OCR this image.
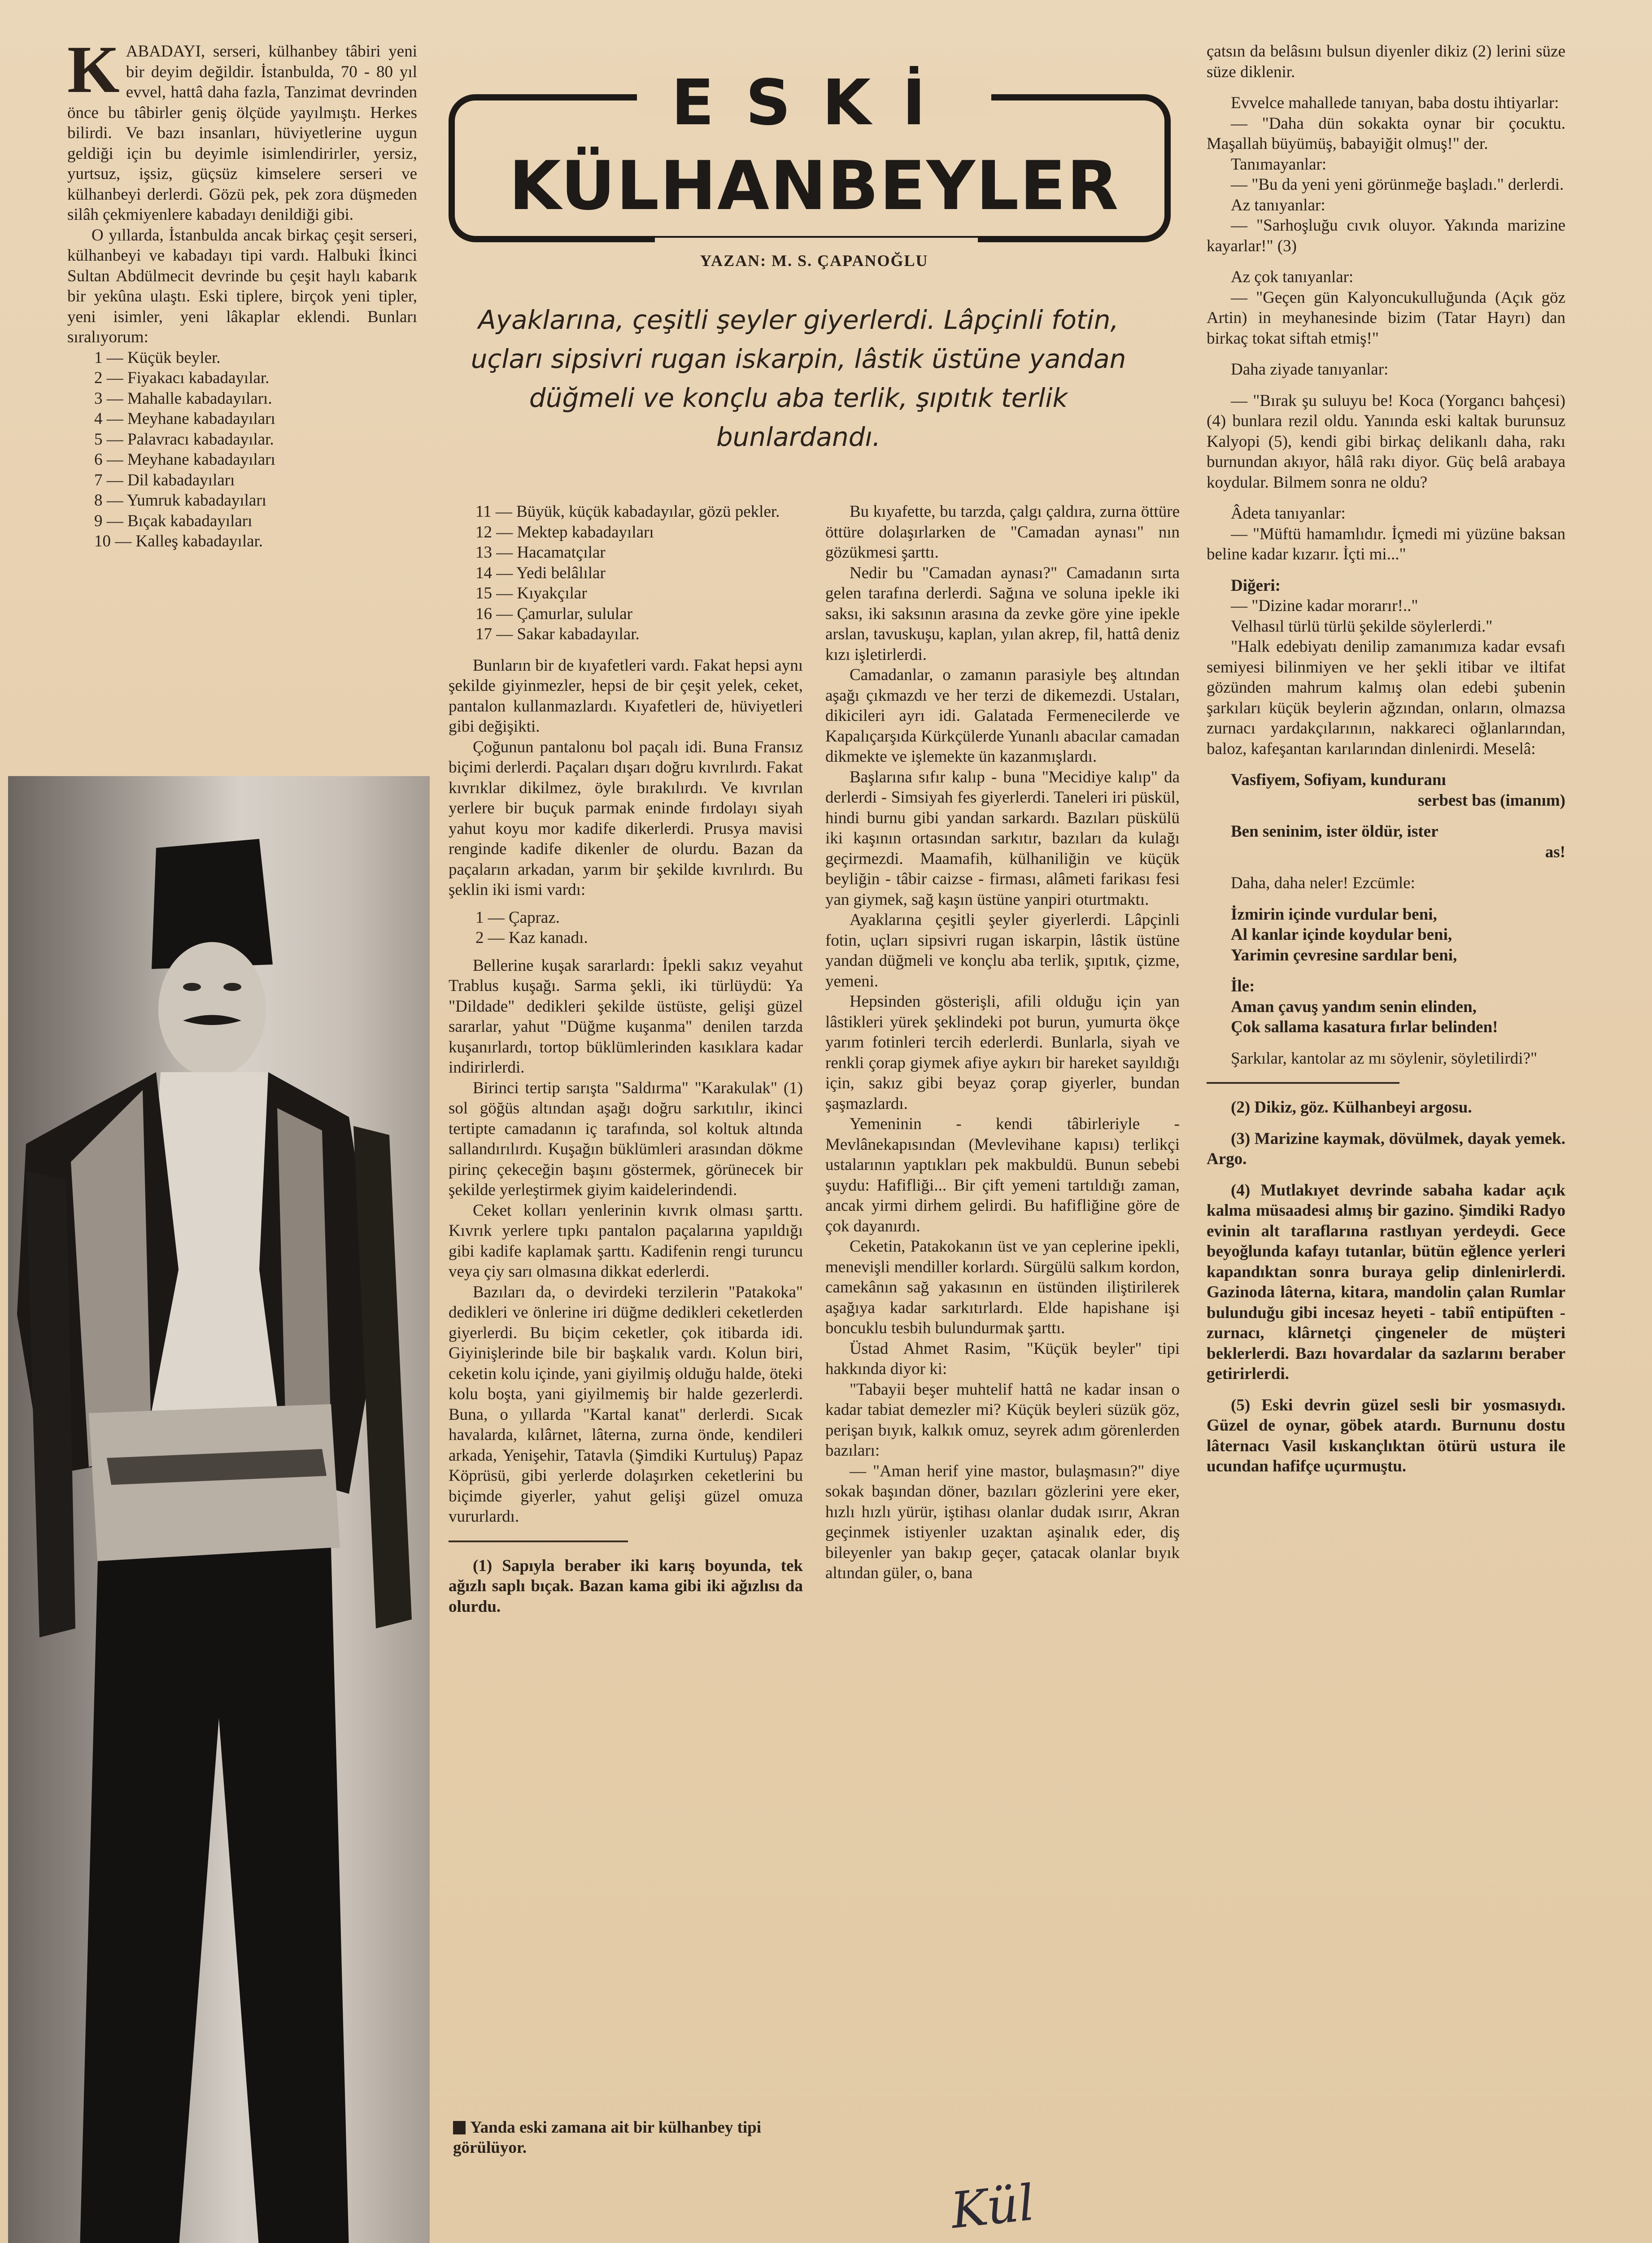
KABADAYI, serseri, külhanbey tâbiri yeni bir deyim değildir. İstanbulda, 70 - 80 yıl evvel, hattâ daha fazla, Tanzimat devrinden önce bu tâbirler geniş ölçüde yayılmıştı. Herkes bilirdi. Ve bazı insanları, hüviyetlerine uygun geldiği için bu deyimle isimlendirirler, yersiz, yurtsuz, işsiz, güçsüz kimselere serseri ve külhanbeyi derlerdi. Gözü pek, pek zora düşmeden silâh çekmiyenlere kabadayı denildiği gibi.

O yıllarda, İstanbulda ancak birkaç çeşit serseri, külhanbeyi ve kabadayı tipi vardı. Halbuki İkinci Sultan Abdülmecit devrinde bu çeşit haylı kabarık bir yekûna ulaştı. Eski tiplere, birçok yeni tipler, yeni isimler, yeni lâkaplar eklendi. Bunları sıralıyorum:

1 — Küçük beyler.

2 — Fiyakacı kabadayılar.

3 — Mahalle kabadayıları.

4 — Meyhane kabadayıları

5 — Palavracı kabadayılar.

6 — Meyhane kabadayıları

7 — Dil kabadayıları

8 — Yumruk kabadayıları

9 — Bıçak kabadayıları

10 — Kalleş kabadayılar.

ESKİ
KÜLHANBEYLER
YAZAN: M. S. ÇAPANOĞLU
Ayaklarına, çeşitli şeyler giyerlerdi. Lâpçinli fotin, uçları sipsivri rugan iskarpin, lâstik üstüne yandan düğmeli ve konçlu aba terlik, şıpıtık terlik bunlardandı.

11 — Büyük, küçük kabadayılar, gözü pekler.

12 — Mektep kabadayıları

13 — Hacamatçılar

14 — Yedi belâlılar

15 — Kıyakçılar

16 — Çamurlar, sulular

17 — Sakar kabadayılar.

Bunların bir de kıyafetleri vardı. Fakat hepsi aynı şekilde giyinmezler, hepsi de bir çeşit yelek, ceket, pantalon kullanmazlardı. Kıyafetleri de, hüviyetleri gibi değişikti.

Çoğunun pantalonu bol paçalı idi. Buna Fransız biçimi derlerdi. Paçaları dışarı doğru kıvrılırdı. Fakat kıvrıklar dikilmez, öyle bırakılırdı. Ve kıvrılan yerlere bir buçuk parmak eninde fırdolayı siyah yahut koyu mor kadife dikerlerdi. Prusya mavisi renginde kadife dikenler de olurdu. Bazan da paçaların arkadan, yarım bir şekilde kıvrılırdı. Bu şeklin iki ismi vardı:

1 — Çapraz.

2 — Kaz kanadı.

Bellerine kuşak sararlardı: İpekli sakız veyahut Trablus kuşağı. Sarma şekli, iki türlüydü: Ya "Dildade" dedikleri şekilde üstüste, gelişi güzel sararlar, yahut "Düğme kuşanma" denilen tarzda kuşanırlardı, tortop büklümlerinden kasıklara kadar indirirlerdi.

Birinci tertip sarışta "Saldırma" "Karakulak" (1) sol göğüs altından aşağı doğru sarkıtılır, ikinci tertipte camadanın iç tarafında, sol koltuk altında sallandırılırdı. Kuşağın büklümleri arasından dökme pirinç çekeceğin başını göstermek, görünecek bir şekilde yerleştirmek giyim kaidelerindendi.

Ceket kolları yenlerinin kıvrık olması şarttı. Kıvrık yerlere tıpkı pantalon paçalarına yapıldığı gibi kadife kaplamak şarttı. Kadifenin rengi turuncu veya çiy sarı olmasına dikkat ederlerdi.

Bazıları da, o devirdeki terzilerin "Patakoka" dedikleri ve önlerine iri düğme dedikleri ceketlerden giyerlerdi. Bu biçim ceketler, çok itibarda idi. Giyinişlerinde bile bir başkalık vardı. Kolun biri, ceketin kolu içinde, yani giyilmiş olduğu halde, öteki kolu boşta, yani giyilmemiş bir halde gezerlerdi. Buna, o yıllarda "Kartal kanat" derlerdi. Sıcak havalarda, kılârnet, lâterna, zurna önde, kendileri arkada, Yenişehir, Tatavla (Şimdiki Kurtuluş) Papaz Köprüsü, gibi yerlerde dolaşırken ceketlerini bu biçimde giyerler, yahut gelişi güzel omuza vururlardı.

(1) Sapıyla beraber iki karış boyunda, tek ağızlı saplı bıçak. Bazan kama gibi iki ağızlısı da olurdu.

Yanda eski zamana ait bir külhanbey tipi görülüyor.

Bu kıyafette, bu tarzda, çalgı çaldıra, zurna öttüre öttüre dolaşırlarken de "Camadan aynası" nın gözükmesi şarttı.

Nedir bu "Camadan aynası?" Camadanın sırta gelen tarafına derlerdi. Sağına ve soluna ipekle iki saksı, iki saksının arasına da zevke göre yine ipekle arslan, tavuskuşu, kaplan, yılan akrep, fil, hattâ deniz kızı işletirlerdi.

Camadanlar, o zamanın parasiyle beş altından aşağı çıkmazdı ve her terzi de dikemezdi. Ustaları, dikicileri ayrı idi. Galatada Fermenecilerde ve Kapalıçarşıda Kürkçülerde Yunanlı abacılar camadan dikmekte ve işlemekte ün kazanmışlardı.

Başlarına sıfır kalıp - buna "Mecidiye kalıp" da derlerdi - Simsiyah fes giyerlerdi. Taneleri iri püskül, hindi burnu gibi yandan sarkardı. Bazıları püskülü iki kaşının ortasından sarkıtır, bazıları da kulağı geçirmezdi. Maamafih, külhaniliğin ve küçük beyliğin - tâbir caizse - firması, alâmeti farikası fesi yan giymek, sağ kaşın üstüne yanpiri oturtmaktı.

Ayaklarına çeşitli şeyler giyerlerdi. Lâpçinli fotin, uçları sipsivri rugan iskarpin, lâstik üstüne yandan düğmeli ve konçlu aba terlik, şıpıtık, çizme, yemeni.

Hepsinden gösterişli, afili olduğu için yan lâstikleri yürek şeklindeki pot burun, yumurta ökçe yarım fotinleri tercih ederlerdi. Bunlarla, siyah ve renkli çorap giymek afiye aykırı bir hareket sayıldığı için, sakız gibi beyaz çorap giyerler, bundan şaşmazlardı.

Yemeninin - kendi tâbirleriyle - Mevlânekapısından (Mevlevihane kapısı) terlikçi ustalarının yaptıkları pek makbuldü. Bunun sebebi şuydu: Hafifliği... Bir çift yemeni tartıldığı zaman, ancak yirmi dirhem gelirdi. Bu hafifliğine göre de çok dayanırdı.

Ceketin, Patakokanın üst ve yan ceplerine ipekli, menevişli mendiller korlardı. Sürgülü salkım kordon, camekânın sağ yakasının en üstünden iliştirilerek aşağıya kadar sarkıtırlardı. Elde hapishane işi boncuklu tesbih bulundurmak şarttı.

Üstad Ahmet Rasim, "Küçük beyler" tipi hakkında diyor ki:

"Tabayii beşer muhtelif hattâ ne kadar insan o kadar tabiat demezler mi? Küçük beyleri süzük göz, perişan bıyık, kalkık omuz, seyrek adım görenlerden bazıları:

— "Aman herif yine mastor, bulaşmasın?" diye sokak başından döner, bazıları gözlerini yere eker, hızlı hızlı yürür, iştihası olanlar dudak ısırır, Akran geçinmek istiyenler uzaktan aşinalık eder, diş bileyenler yan bakıp geçer, çatacak olanlar bıyık altından güler, o, bana

çatsın da belâsını bulsun diyenler dikiz (2) lerini süze süze diklenir.

Evvelce mahallede tanıyan, baba dostu ihtiyarlar:

— "Daha dün sokakta oynar bir çocuktu. Maşallah büyümüş, babayiğit olmuş!" der.

Tanımayanlar:

— "Bu da yeni yeni görünmeğe başladı." derlerdi.

Az tanıyanlar:

— "Sarhoşluğu cıvık oluyor. Yakında marizine kayarlar!" (3)

Az çok tanıyanlar:

— "Geçen gün Kalyoncukulluğunda (Açık göz Artin) in meyhanesinde bizim (Tatar Hayrı) dan birkaç tokat siftah etmiş!"

Daha ziyade tanıyanlar:

— "Bırak şu suluyu be! Koca (Yorgancı bahçesi) (4) bunlara rezil oldu. Yanında eski kaltak burunsuz Kalyopi (5), kendi gibi birkaç delikanlı daha, rakı burnundan akıyor, hâlâ rakı diyor. Güç belâ arabaya koydular. Bilmem sonra ne oldu?

Âdeta tanıyanlar:

— "Müftü hamamlıdır. İçmedi mi yüzüne baksan beline kadar kızarır. İçti mi..."

Diğeri:

— "Dizine kadar morarır!.."

Velhasıl türlü türlü şekilde söylerlerdi."

"Halk edebiyatı denilip zamanımıza kadar evsafı semiyesi bilinmiyen ve her şekli itibar ve iltifat gözünden mahrum kalmış olan edebi şubenin şarkıları küçük beylerin ağzından, onların, olmazsa zurnacı yardakçılarının, nakkareci oğlanlarından, baloz, kafeşantan karılarından dinlenirdi. Meselâ:

Vasfiyem, Sofiyam, kunduranı

serbest bas (imanım)

Ben seninim, ister öldür, ister

as!

Daha, daha neler! Ezcümle:

İzmirin içinde vurdular beni,

Al kanlar içinde koydular beni,

Yarimin çevresine sardılar beni,

İle:

Aman çavuş yandım senin elinden,

Çok sallama kasatura fırlar belinden!

Şarkılar, kantolar az mı söylenir, söyletilirdi?"

(2) Dikiz, göz. Külhanbeyi argosu.

(3) Marizine kaymak, dövülmek, dayak yemek. Argo.

(4) Mutlakıyet devrinde sabaha kadar açık kalma müsaadesi almış bir gazino. Şimdiki Radyo evinin alt taraflarına rastlıyan yerdeydi. Gece beyoğlunda kafayı tutanlar, bütün eğlence yerleri kapandıktan sonra buraya gelip dinlenirlerdi. Gazinoda lâterna, kitara, mandolin çalan Rumlar bulunduğu gibi incesaz heyeti - tabiî entipüften - zurnacı, klârnetçi çingeneler de müşteri beklerlerdi. Bazı hovardalar da sazlarını beraber getirirlerdi.

(5) Eski devrin güzel sesli bir yosmasıydı. Güzel de oynar, göbek atardı. Burnunu dostu lâternacı Vasil kıskançlıktan ötürü ustura ile ucundan hafifçe uçurmuştu.

Kül
